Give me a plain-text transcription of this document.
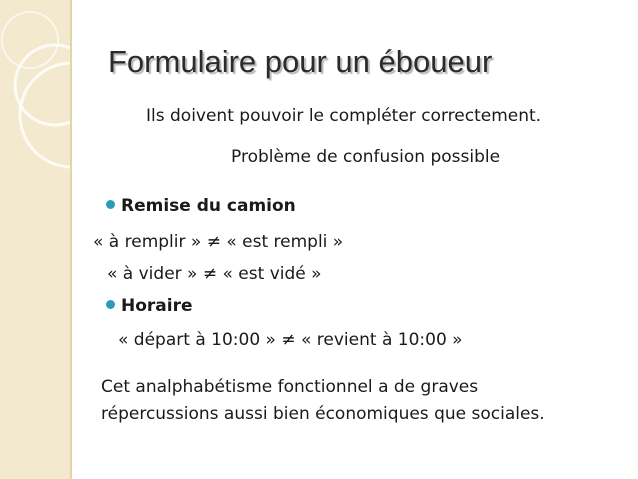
Formulaire pour un éboueur
Ils doivent pouvoir le compléter correctement.
Problème de confusion possible
Remise du camion
« à remplir » ≠ « est rempli »
« à vider » ≠ « est vidé »
Horaire
« départ à 10:00 » ≠ « revient à 10:00 »
Cet analphabétisme fonctionnel a de graves
répercussions aussi bien économiques que sociales.
